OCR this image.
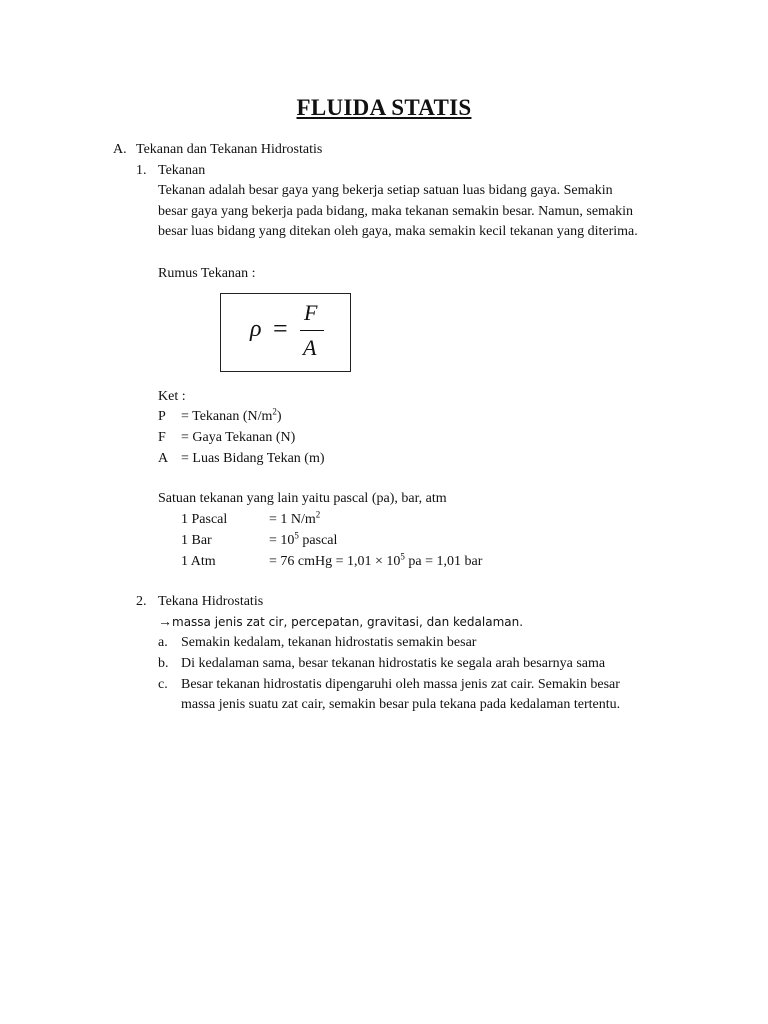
FLUIDA STATIS
A. Tekanan dan Tekanan Hidrostatis
1. Tekanan
Tekanan adalah besar gaya yang bekerja setiap satuan luas bidang gaya. Semakin
besar gaya yang bekerja pada bidang, maka tekanan semakin besar. Namun, semakin
besar luas bidang yang ditekan oleh gaya, maka semakin kecil tekanan yang diterima.
Rumus Tekanan :
ρ =
F
A
Ket :
P = Tekanan $(N/m^2)$
F = Gaya Tekanan (N)
A = Luas Bidang Tekan (m)
Satuan tekanan yang lain yaitu pascal (pa), bar, atm
1 Pascal	= 1 $N/m^2$
1 Bar	= $10^5$ pascal
1 Atm	= 76 cmHg = $1,01 \times 10^5$ pa = 1,01 bar
2. Tekana Hidrostatis
→massa jenis zat cir, percepatan, gravitasi, dan kedalaman.
a. Semakin kedalam, tekanan hidrostatis semakin besar
b. Di kedalaman sama, besar tekanan hidrostatis ke segala arah besarnya sama
c. Besar tekanan hidrostatis dipengaruhi oleh massa jenis zat cair. Semakin besar
massa jenis suatu zat cair, semakin besar pula tekana pada kedalaman tertentu.
